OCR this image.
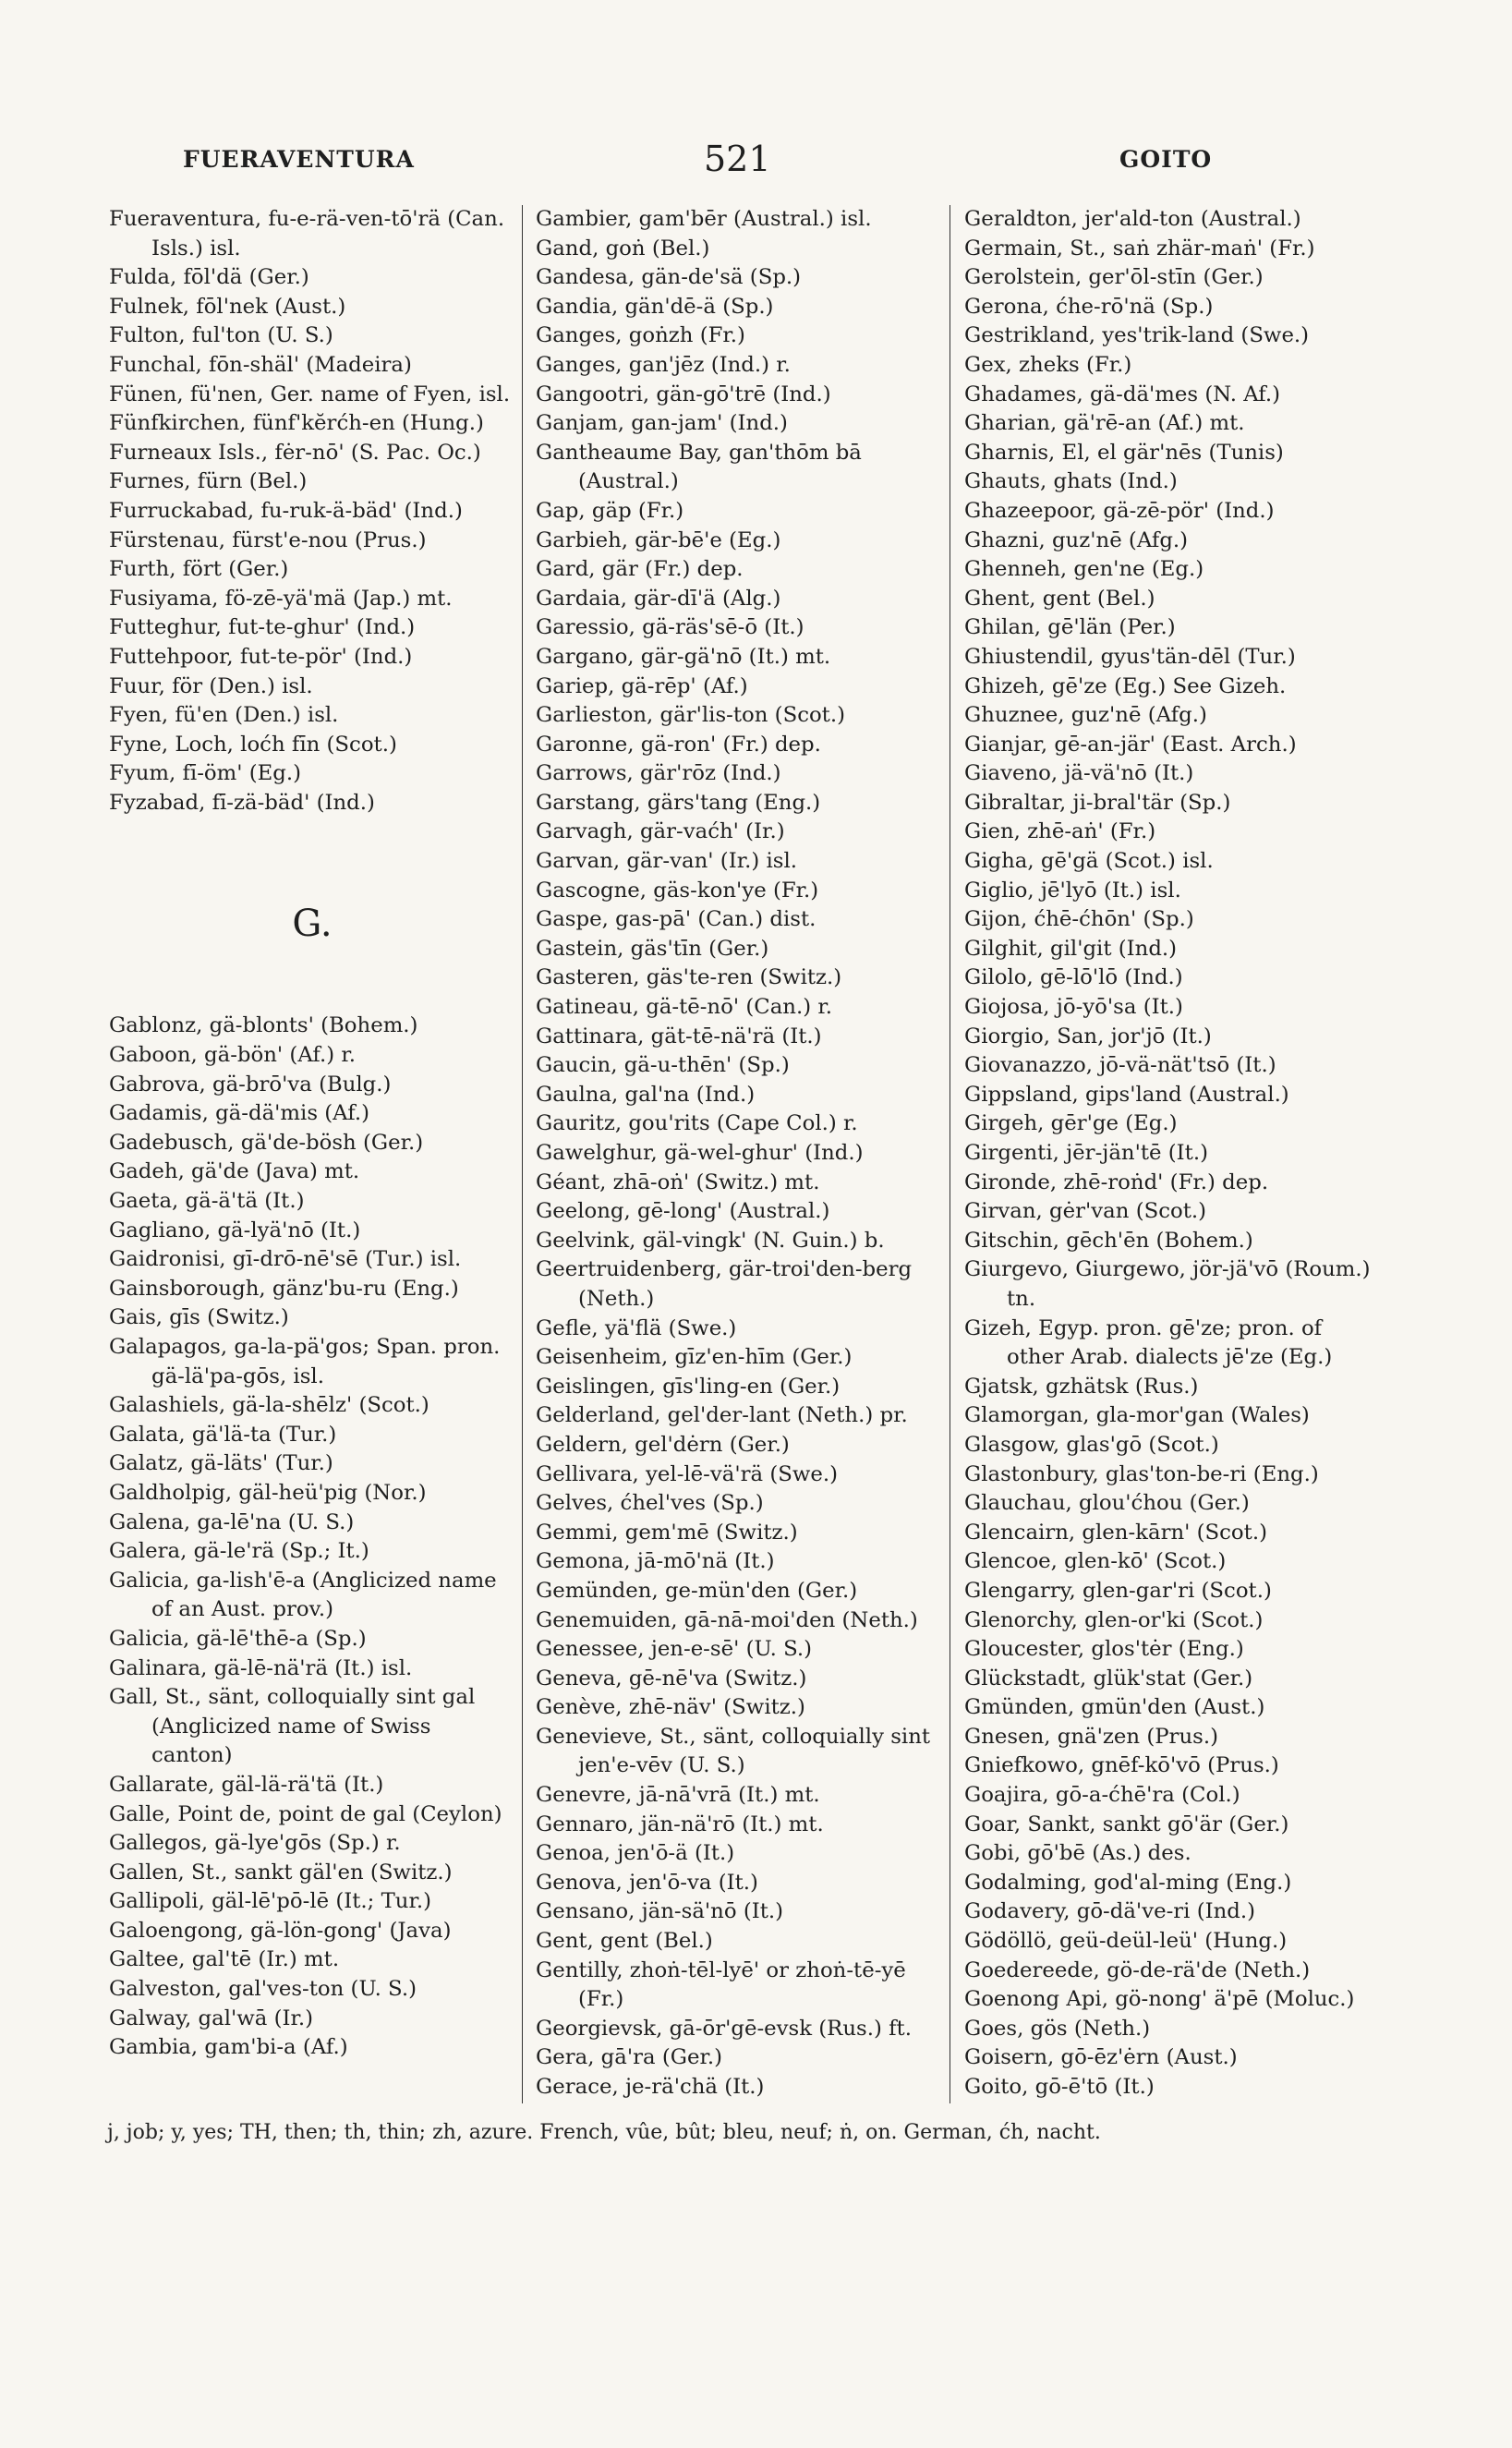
FUERAVENTURA	521	GOITO

Fueraventura, fu-e-rä-ven-tō'rä (Can. Isls.) isl.

Fulda, fōl'dä (Ger.)

Fulnek, fōl'nek (Aust.)

Fulton, ful'ton (U. S.)

Funchal, fōn-shäl' (Madeira)

Fünen, fü'nen, Ger. name of Fyen, isl.

Fünfkirchen, fünf'kĕrćh-en (Hung.)

Furneaux Isls., fėr-nō' (S. Pac. Oc.)

Furnes, fürn (Bel.)

Furruckabad, fu-ruk-ä-bäd' (Ind.)

Fürstenau, fürst'e-nou (Prus.)

Furth, fört (Ger.)

Fusiyama, fö-zē-yä'mä (Jap.) mt.

Futteghur, fut-te-ghur' (Ind.)

Futtehpoor, fut-te-pör' (Ind.)

Fuur, för (Den.) isl.

Fyen, fü'en (Den.) isl.

Fyne, Loch, loćh fīn (Scot.)

Fyum, fī-öm' (Eg.)

Fyzabad, fī-zä-bäd' (Ind.)

G.

Gablonz, gä-blonts' (Bohem.)

Gaboon, gä-bön' (Af.) r.

Gabrova, gä-brō'va (Bulg.)

Gadamis, gä-dä'mis (Af.)

Gadebusch, gä'de-bösh (Ger.)

Gadeh, gä'de (Java) mt.

Gaeta, gä-ä'tä (It.)

Gagliano, gä-lyä'nō (It.)

Gaidronisi, gī-drō-nē'sē (Tur.) isl.

Gainsborough, gänz'bu-ru (Eng.)

Gais, gīs (Switz.)

Galapagos, ga-la-pä'gos; Span. pron. gä-lä'pa-gōs, isl.

Galashiels, gä-la-shēlz' (Scot.)

Galata, gä'lä-ta (Tur.)

Galatz, gä-läts' (Tur.)

Galdholpig, gäl-heü'pig (Nor.)

Galena, ga-lē'na (U. S.)

Galera, gä-le'rä (Sp.; It.)

Galicia, ga-lish'ē-a (Anglicized name of an Aust. prov.)

Galicia, gä-lē'thē-a (Sp.)

Galinara, gä-lē-nä'rä (It.) isl.

Gall, St., sänt, colloquially sint gal (Anglicized name of Swiss canton)

Gallarate, gäl-lä-rä'tä (It.)

Galle, Point de, point de gal (Ceylon)

Gallegos, gä-lye'gōs (Sp.) r.

Gallen, St., sankt gäl'en (Switz.)

Gallipoli, gäl-lē'pō-lē (It.; Tur.)

Galoengong, gä-lön-gong' (Java)

Galtee, gal'tē (Ir.) mt.

Galveston, gal'ves-ton (U. S.)

Galway, gal'wā (Ir.)

Gambia, gam'bi-a (Af.)

Gambier, gam'bēr (Austral.) isl.

Gand, goṅ (Bel.)

Gandesa, gän-de'sä (Sp.)

Gandia, gän'dē-ä (Sp.)

Ganges, goṅzh (Fr.)

Ganges, gan'jēz (Ind.) r.

Gangootri, gän-gō'trē (Ind.)

Ganjam, gan-jam' (Ind.)

Gantheaume Bay, gan'thōm bā (Austral.)

Gap, gäp (Fr.)

Garbieh, gär-bē'e (Eg.)

Gard, gär (Fr.) dep.

Gardaia, gär-dī'ä (Alg.)

Garessio, gä-räs'sē-ō (It.)

Gargano, gär-gä'nō (It.) mt.

Gariep, gä-rēp' (Af.)

Garlieston, gär'lis-ton (Scot.)

Garonne, gä-ron' (Fr.) dep.

Garrows, gär'rōz (Ind.)

Garstang, gärs'tang (Eng.)

Garvagh, gär-vaćh' (Ir.)

Garvan, gär-van' (Ir.) isl.

Gascogne, gäs-kon'ye (Fr.)

Gaspe, gas-pā' (Can.) dist.

Gastein, gäs'tīn (Ger.)

Gasteren, gäs'te-ren (Switz.)

Gatineau, gä-tē-nō' (Can.) r.

Gattinara, gät-tē-nä'rä (It.)

Gaucin, gä-u-thēn' (Sp.)

Gaulna, gal'na (Ind.)

Gauritz, gou'rits (Cape Col.) r.

Gawelghur, gä-wel-ghur' (Ind.)

Géant, zhā-oṅ' (Switz.) mt.

Geelong, gē-long' (Austral.)

Geelvink, gäl-vingk' (N. Guin.) b.

Geertruidenberg, gär-troi'den-berg (Neth.)

Gefle, yä'flä (Swe.)

Geisenheim, gīz'en-hīm (Ger.)

Geislingen, gīs'ling-en (Ger.)

Gelderland, gel'der-lant (Neth.) pr.

Geldern, gel'dėrn (Ger.)

Gellivara, yel-lē-vä'rä (Swe.)

Gelves, ćhel'ves (Sp.)

Gemmi, gem'mē (Switz.)

Gemona, jā-mō'nä (It.)

Gemünden, ge-mün'den (Ger.)

Genemuiden, gā-nā-moi'den (Neth.)

Genessee, jen-e-sē' (U. S.)

Geneva, gē-nē'va (Switz.)

Genève, zhē-näv' (Switz.)

Genevieve, St., sänt, colloquially sint jen'e-vēv (U. S.)

Genevre, jā-nā'vrā (It.) mt.

Gennaro, jän-nä'rō (It.) mt.

Genoa, jen'ō-ä (It.)

Genova, jen'ō-va (It.)

Gensano, jän-sä'nō (It.)

Gent, gent (Bel.)

Gentilly, zhoṅ-tēl-lyē' or zhoṅ-tē-yē (Fr.)

Georgievsk, gā-ōr'gē-evsk (Rus.) ft.

Gera, gā'ra (Ger.)

Gerace, je-rä'chä (It.)

Geraldton, jer'ald-ton (Austral.)

Germain, St., saṅ zhär-maṅ' (Fr.)

Gerolstein, ger'ōl-stīn (Ger.)

Gerona, ćhe-rō'nä (Sp.)

Gestrikland, yes'trik-land (Swe.)

Gex, zheks (Fr.)

Ghadames, gä-dä'mes (N. Af.)

Gharian, gä'rē-an (Af.) mt.

Gharnis, El, el gär'nēs (Tunis)

Ghauts, ghats (Ind.)

Ghazeepoor, gä-zē-pör' (Ind.)

Ghazni, guz'nē (Afg.)

Ghenneh, gen'ne (Eg.)

Ghent, gent (Bel.)

Ghilan, gē'län (Per.)

Ghiustendil, gyus'tän-dēl (Tur.)

Ghizeh, gē'ze (Eg.) See Gizeh.

Ghuznee, guz'nē (Afg.)

Gianjar, gē-an-jär' (East. Arch.)

Giaveno, jä-vä'nō (It.)

Gibraltar, ji-bral'tär (Sp.)

Gien, zhē-aṅ' (Fr.)

Gigha, gē'gä (Scot.) isl.

Giglio, jē'lyō (It.) isl.

Gijon, ćhē-ćhōn' (Sp.)

Gilghit, gil'git (Ind.)

Gilolo, gē-lō'lō (Ind.)

Giojosa, jō-yō'sa (It.)

Giorgio, San, jor'jō (It.)

Giovanazzo, jō-vä-nät'tsō (It.)

Gippsland, gips'land (Austral.)

Girgeh, gēr'ge (Eg.)

Girgenti, jēr-jän'tē (It.)

Gironde, zhē-roṅd' (Fr.) dep.

Girvan, gėr'van (Scot.)

Gitschin, gēch'ēn (Bohem.)

Giurgevo, Giurgewo, jör-jä'vō (Roum.) tn.

Gizeh, Egyp. pron. gē'ze; pron. of other Arab. dialects jē'ze (Eg.)

Gjatsk, gzhätsk (Rus.)

Glamorgan, gla-mor'gan (Wales)

Glasgow, glas'gō (Scot.)

Glastonbury, glas'ton-be-ri (Eng.)

Glauchau, glou'ćhou (Ger.)

Glencairn, glen-kārn' (Scot.)

Glencoe, glen-kō' (Scot.)

Glengarry, glen-gar'ri (Scot.)

Glenorchy, glen-or'ki (Scot.)

Gloucester, glos'tėr (Eng.)

Glückstadt, glük'stat (Ger.)

Gmünden, gmün'den (Aust.)

Gnesen, gnä'zen (Prus.)

Gniefkowo, gnēf-kō'vō (Prus.)

Goajira, gō-a-ćhē'ra (Col.)

Goar, Sankt, sankt gō'är (Ger.)

Gobi, gō'bē (As.) des.

Godalming, god'al-ming (Eng.)

Godavery, gō-dä've-ri (Ind.)

Gödöllö, geü-deül-leü' (Hung.)

Goedereede, gö-de-rä'de (Neth.)

Goenong Api, gö-nong' ä'pē (Moluc.)

Goes, gös (Neth.)

Goisern, gō-ēz'ėrn (Aust.)

Goito, gō-ē'tō (It.)

j, job; y, yes; TH, then; th, thin; zh, azure. French, vûe, bût; bleu, neuf; ṅ, on. German, ćh, nacht.
